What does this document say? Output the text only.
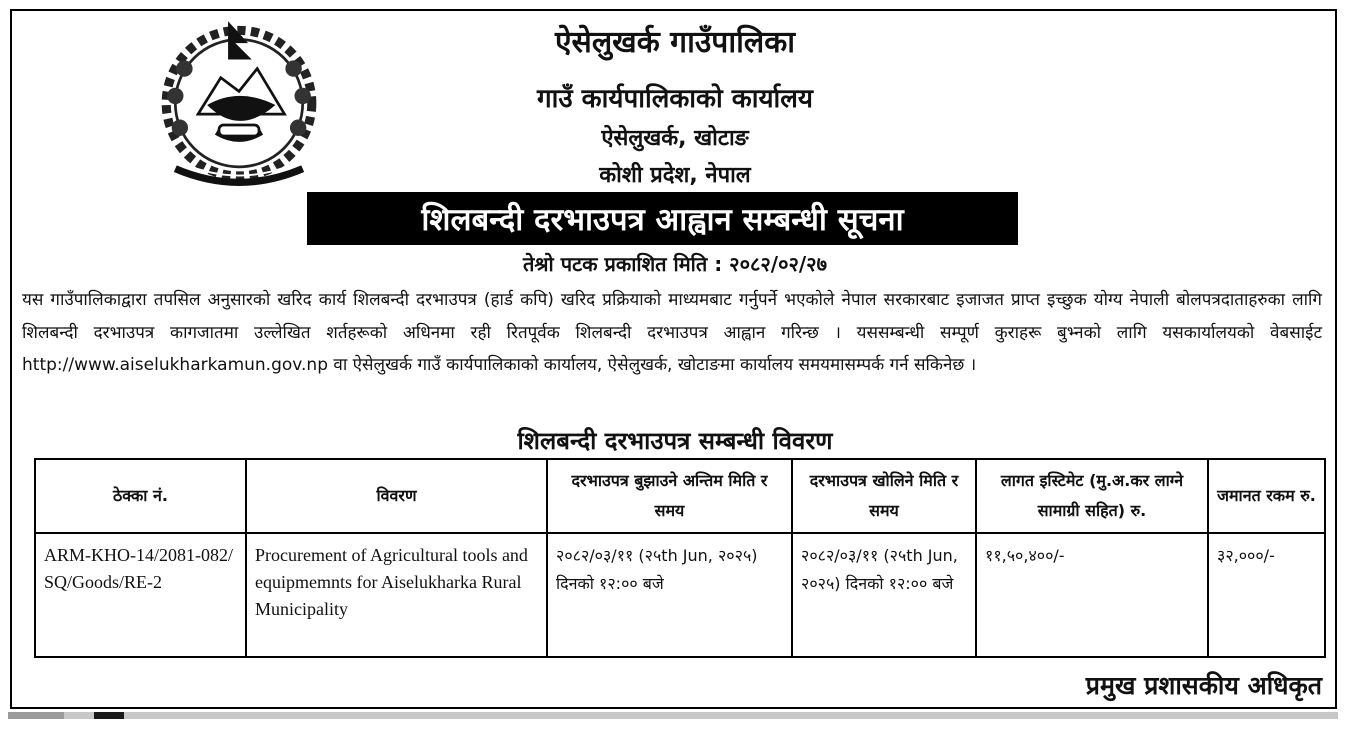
ऐसेलुखर्क गाउँपालिका
गाउँ कार्यपालिकाको कार्यालय
ऐसेलुखर्क, खोटाङ
कोशी प्रदेश, नेपाल
शिलबन्दी दरभाउपत्र आह्वान सम्बन्धी सूचना
तेश्रो पटक प्रकाशित मिति : २०८२/०२/२७
यस गाउँपालिकाद्वारा तपसिल अनुसारको खरिद कार्य शिलबन्दी दरभाउपत्र (हार्ड कपि) खरिद प्रक्रियाको माध्यमबाट गर्नुपर्ने भएकोले नेपाल सरकारबाट इजाजत प्राप्त इच्छुक योग्य नेपाली बोलपत्रदाताहरुका लागि शिलबन्दी दरभाउपत्र कागजातमा उल्लेखित शर्तहरूको अधिनमा रही रितपूर्वक शिलबन्दी दरभाउपत्र आह्वान गरिन्छ । यससम्बन्धी सम्पूर्ण कुराहरू बुभ्नको लागि यसकार्यालयको वेबसाईट http://www.aiselukharkamun.gov.np वा ऐसेलुखर्क गाउँ कार्यपालिकाको कार्यालय, ऐसेलुखर्क, खोटाङमा कार्यालय समयमासम्पर्क गर्न सकिनेछ ।
शिलबन्दी दरभाउपत्र सम्बन्धी विवरण
ठेक्का नं.	विवरण	दरभाउपत्र बुझाउने अन्तिम मिति र समय	दरभाउपत्र खोलिने मिति र समय	लागत इस्टिमेट (मु.अ.कर लाग्ने सामाग्री सहित) रु.	जमानत रकम रु.
ARM-KHO-14/2081-082/ SQ/Goods/RE-2	Procurement of Agricultural tools and equipmemnts for Aiselukharka Rural Municipality	२०८२/०३/११ (२५th Jun, २०२५) दिनको १२:०० बजे	२०८२/०३/११ (२५th Jun, २०२५) दिनको १२:०० बजे	११,५०,४००/-	३२,०००/-
प्रमुख प्रशासकीय अधिकृत
